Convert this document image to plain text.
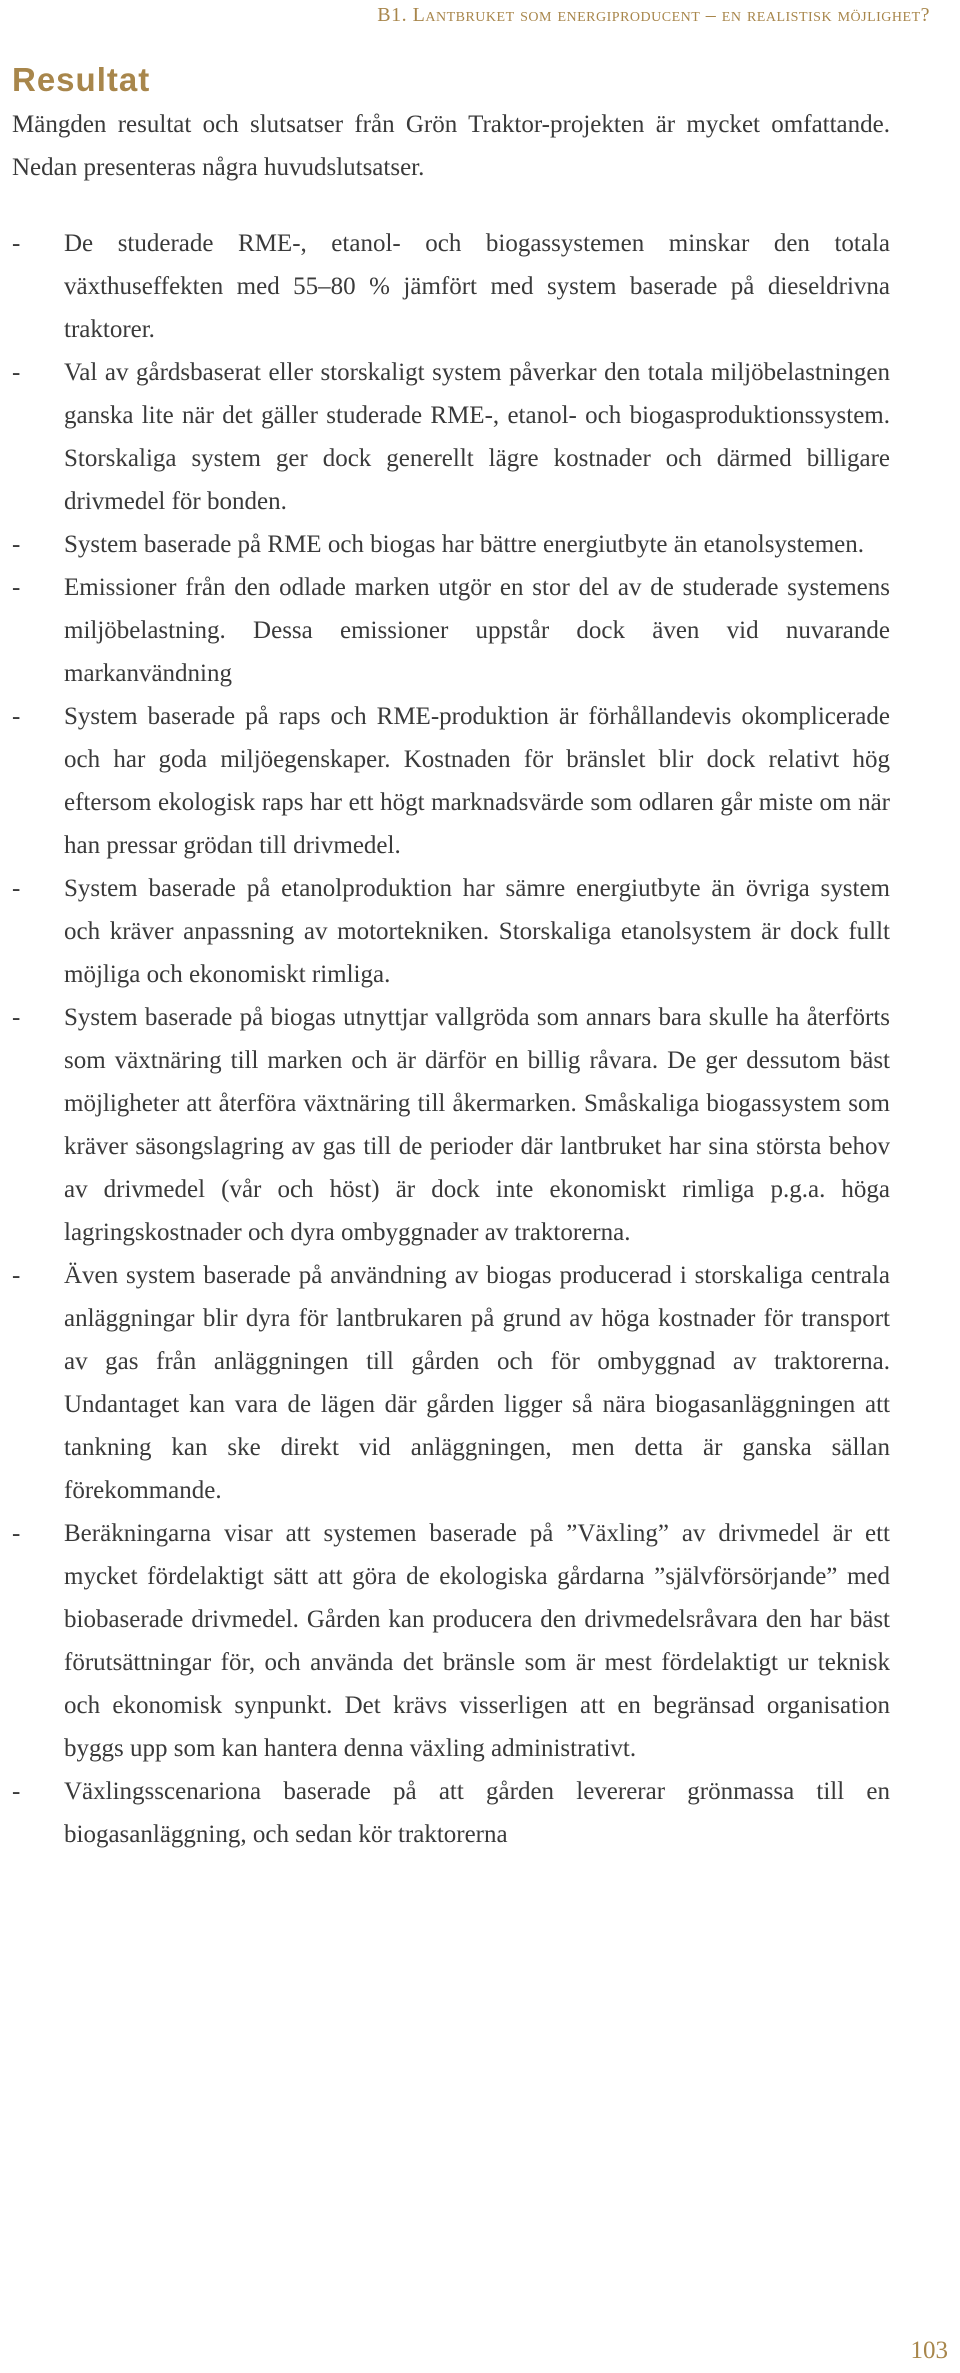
B1. Lantbruket som energiproducent – en realistisk möjlighet?
Resultat

Mängden resultat och slutsatser från Grön Traktor-projekten är mycket omfattande. Nedan presenteras några huvudslutsatser.

-	De studerade RME-, etanol- och biogassystemen minskar den totala växthuseffekten med 55–80 % jämfört med system baserade på dieseldrivna traktorer.
-	Val av gårdsbaserat eller storskaligt system påverkar den totala miljöbelastningen ganska lite när det gäller studerade RME-, etanol- och biogasproduktionssystem. Storskaliga system ger dock generellt lägre kostnader och därmed billigare drivmedel för bonden.
-	System baserade på RME och biogas har bättre energiutbyte än etanolsystemen.
-	Emissioner från den odlade marken utgör en stor del av de studerade systemens miljöbelastning. Dessa emissioner uppstår dock även vid nuvarande markanvändning
-	System baserade på raps och RME-produktion är förhållandevis okomplicerade och har goda miljöegenskaper. Kostnaden för bränslet blir dock relativt hög eftersom ekologisk raps har ett högt marknadsvärde som odlaren går miste om när han pressar grödan till drivmedel.
-	System baserade på etanolproduktion har sämre energiutbyte än övriga system och kräver anpassning av motortekniken. Storskaliga etanolsystem är dock fullt möjliga och ekonomiskt rimliga.
-	System baserade på biogas utnyttjar vallgröda som annars bara skulle ha återförts som växtnäring till marken och är därför en billig råvara. De ger dessutom bäst möjligheter att återföra växtnäring till åkermarken. Småskaliga biogassystem som kräver säsongslagring av gas till de perioder där lantbruket har sina största behov av drivmedel (vår och höst) är dock inte ekonomiskt rimliga p.g.a. höga lagringskostnader och dyra ombyggnader av traktorerna.
-	Även system baserade på användning av biogas producerad i storskaliga centrala anläggningar blir dyra för lantbrukaren på grund av höga kostnader för transport av gas från anläggningen till gården och för ombyggnad av traktorerna. Undantaget kan vara de lägen där gården ligger så nära biogasanläggningen att tankning kan ske direkt vid anläggningen, men detta är ganska sällan förekommande.
-	Beräkningarna visar att systemen baserade på ”Växling” av drivmedel är ett mycket fördelaktigt sätt att göra de ekologiska gårdarna ”självförsörjande” med biobaserade drivmedel. Gården kan producera den drivmedelsråvara den har bäst förutsättningar för, och använda det bränsle som är mest fördelaktigt ur teknisk och ekonomisk synpunkt. Det krävs visserligen att en begränsad organisation byggs upp som kan hantera denna växling administrativt.
-	Växlingsscenariona baserade på att gården levererar grönmassa till en biogasanläggning, och sedan kör traktorerna
103
